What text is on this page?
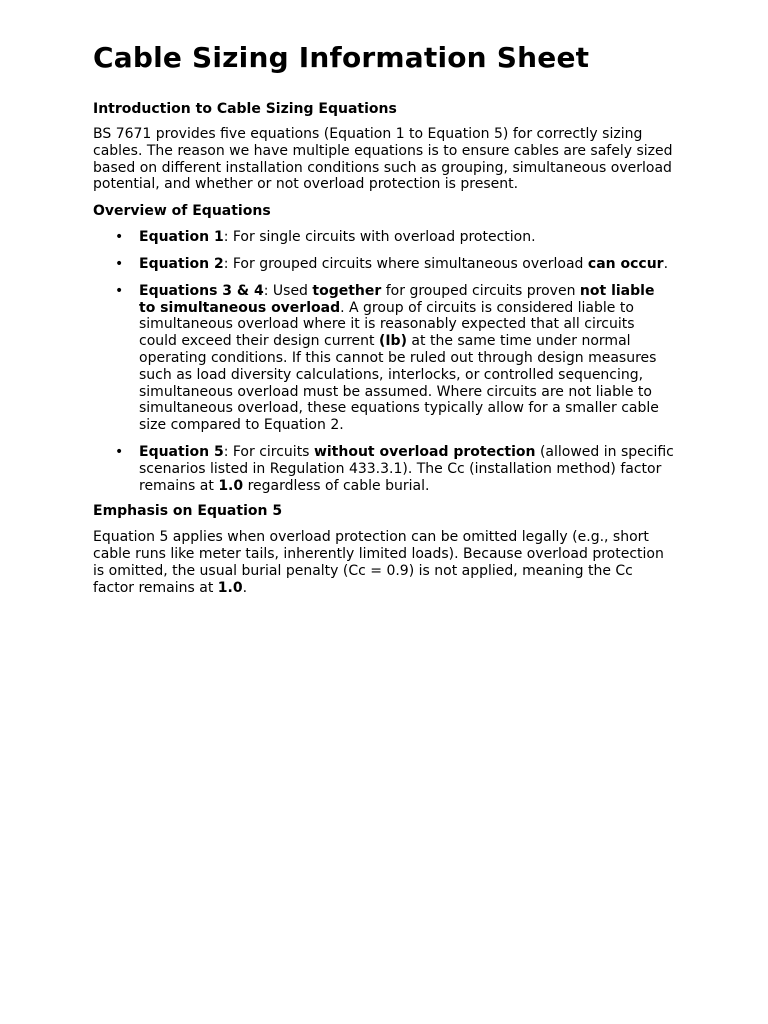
Cable Sizing Information Sheet
Introduction to Cable Sizing Equations

BS 7671 provides five equations (Equation 1 to Equation 5) for correctly sizing cables. The reason we have multiple equations is to ensure cables are safely sized based on different installation conditions such as grouping, simultaneous overload potential, and whether or not overload protection is present.

Overview of Equations
• Equation 1: For single circuits with overload protection.
• Equation 2: For grouped circuits where simultaneous overload can occur.
• Equations 3 & 4: Used together for grouped circuits proven not liable to simultaneous overload. A group of circuits is considered liable to simultaneous overload where it is reasonably expected that all circuits could exceed their design current (Ib) at the same time under normal operating conditions. If this cannot be ruled out through design measures such as load diversity calculations, interlocks, or controlled sequencing, simultaneous overload must be assumed. Where circuits are not liable to simultaneous overload, these equations typically allow for a smaller cable size compared to Equation 2.
• Equation 5: For circuits without overload protection (allowed in specific scenarios listed in Regulation 433.3.1). The Cc (installation method) factor remains at 1.0 regardless of cable burial.
Emphasis on Equation 5

Equation 5 applies when overload protection can be omitted legally (e.g., short cable runs like meter tails, inherently limited loads). Because overload protection is omitted, the usual burial penalty (Cc = 0.9) is not applied, meaning the Cc factor remains at 1.0.
